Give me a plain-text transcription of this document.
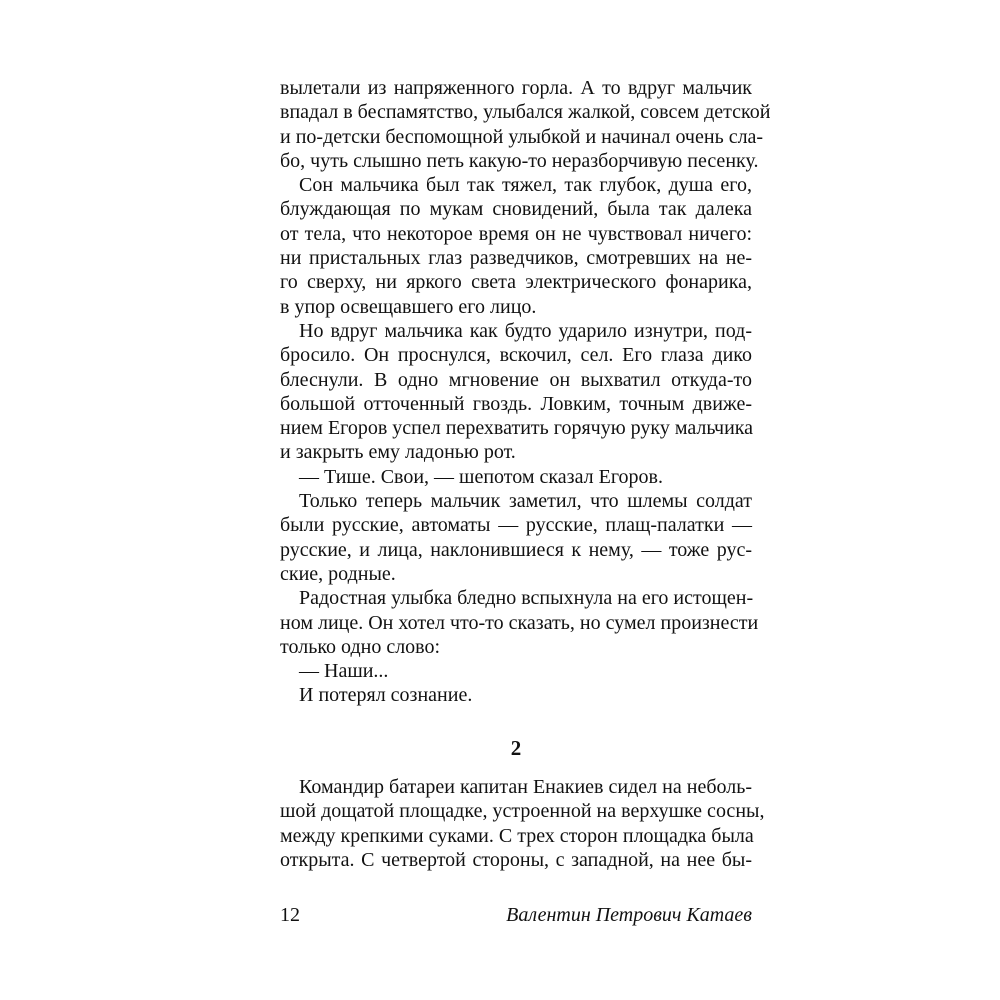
вылетали из напряженного горла. А то вдруг мальчик
впадал в беспамятство, улыбался жалкой, совсем детской
и по-детски беспомощной улыбкой и начинал очень сла-
бо, чуть слышно петь какую-то неразборчивую песенку.
Сон мальчика был так тяжел, так глубок, душа его,
блуждающая по мукам сновидений, была так далека
от тела, что некоторое время он не чувствовал ничего:
ни пристальных глаз разведчиков, смотревших на не-
го сверху, ни яркого света электрического фонарика,
в упор освещавшего его лицо.
Но вдруг мальчика как будто ударило изнутри, под-
бросило. Он проснулся, вскочил, сел. Его глаза дико
блеснули. В одно мгновение он выхватил откуда-то
большой отточенный гвоздь. Ловким, точным движе-
нием Егоров успел перехватить горячую руку мальчика
и закрыть ему ладонью рот.
— Тише. Свои, — шепотом сказал Егоров.
Только теперь мальчик заметил, что шлемы солдат
были русские, автоматы — русские, плащ-палатки —
русские, и лица, наклонившиеся к нему, — тоже рус-
ские, родные.
Радостная улыбка бледно вспыхнула на его истощен-
ном лице. Он хотел что-то сказать, но сумел произнести
только одно слово:
— Наши...
И потерял сознание.
2
Командир батареи капитан Енакиев сидел на неболь-
шой дощатой площадке, устроенной на верхушке сосны,
между крепкими суками. С трех сторон площадка была
открыта. С четвертой стороны, с западной, на нее бы-
12	Валентин Петрович Катаев
